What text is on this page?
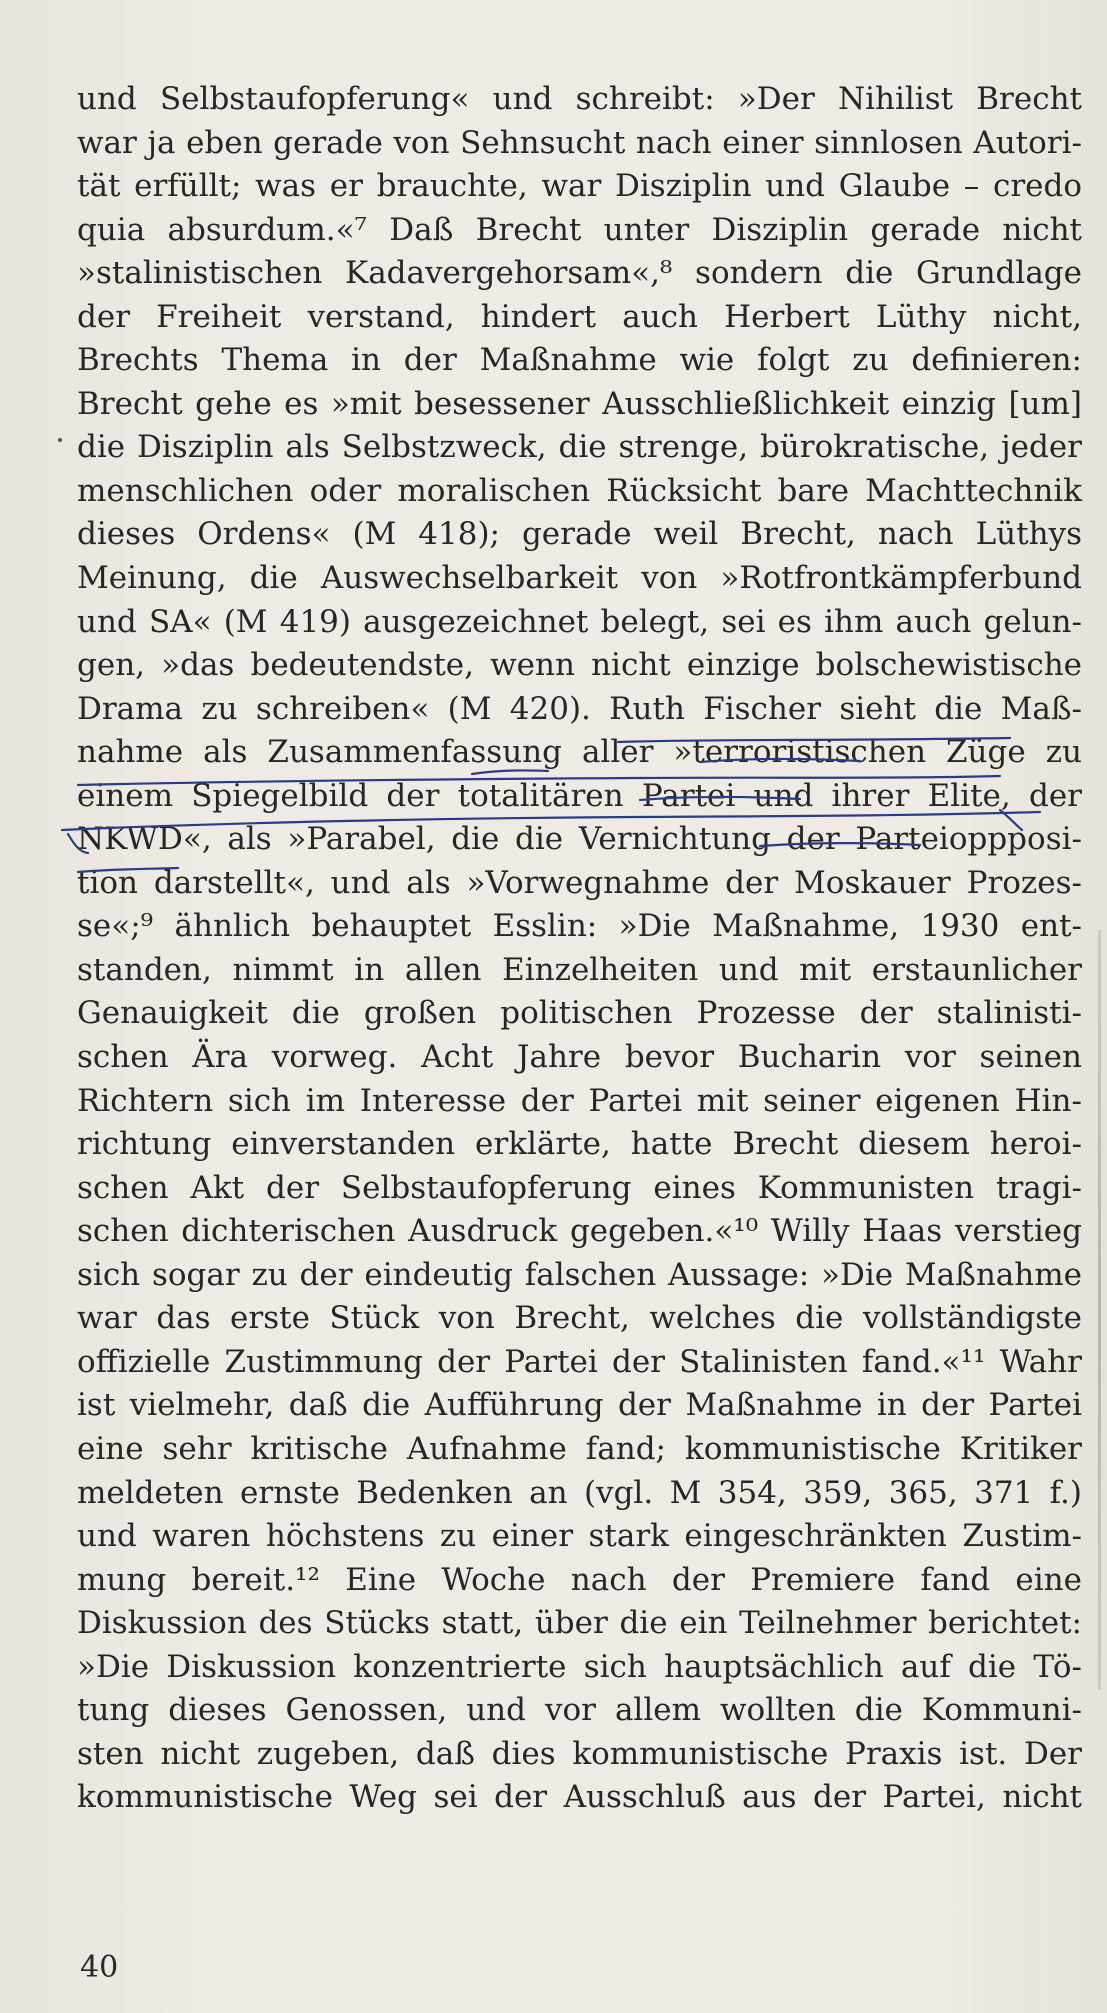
und Selbstaufopferung« und schreibt: »Der Nihilist Brecht
war ja eben gerade von Sehnsucht nach einer sinnlosen Autori-
tät erfüllt; was er brauchte, war Disziplin und Glaube – credo
quia absurdum.«⁷ Daß Brecht unter Disziplin gerade nicht
»stalinistischen Kadavergehorsam«,⁸ sondern die Grundlage
der Freiheit verstand, hindert auch Herbert Lüthy nicht,
Brechts Thema in der Maßnahme wie folgt zu definieren:
Brecht gehe es »mit besessener Ausschließlichkeit einzig [um]
die Disziplin als Selbstzweck, die strenge, bürokratische, jeder
menschlichen oder moralischen Rücksicht bare Machttechnik
dieses Ordens« (M 418); gerade weil Brecht, nach Lüthys
Meinung, die Auswechselbarkeit von »Rotfrontkämpferbund
und SA« (M 419) ausgezeichnet belegt, sei es ihm auch gelun-
gen, »das bedeutendste, wenn nicht einzige bolschewistische
Drama zu schreiben« (M 420). Ruth Fischer sieht die Maß-
nahme als Zusammenfassung aller »terroristischen Züge zu
einem Spiegelbild der totalitären Partei und ihrer Elite, der
NKWD«, als »Parabel, die die Vernichtung der Parteioppposi-
tion darstellt«, und als »Vorwegnahme der Moskauer Prozes-
se«;⁹ ähnlich behauptet Esslin: »Die Maßnahme, 1930 ent-
standen, nimmt in allen Einzelheiten und mit erstaunlicher
Genauigkeit die großen politischen Prozesse der stalinisti-
schen Ära vorweg. Acht Jahre bevor Bucharin vor seinen
Richtern sich im Interesse der Partei mit seiner eigenen Hin-
richtung einverstanden erklärte, hatte Brecht diesem heroi-
schen Akt der Selbstaufopferung eines Kommunisten tragi-
schen dichterischen Ausdruck gegeben.«¹⁰ Willy Haas verstieg
sich sogar zu der eindeutig falschen Aussage: »Die Maßnahme
war das erste Stück von Brecht, welches die vollständigste
offizielle Zustimmung der Partei der Stalinisten fand.«¹¹ Wahr
ist vielmehr, daß die Aufführung der Maßnahme in der Partei
eine sehr kritische Aufnahme fand; kommunistische Kritiker
meldeten ernste Bedenken an (vgl. M 354, 359, 365, 371 f.)
und waren höchstens zu einer stark eingeschränkten Zustim-
mung bereit.¹² Eine Woche nach der Premiere fand eine
Diskussion des Stücks statt, über die ein Teilnehmer berichtet:
»Die Diskussion konzentrierte sich hauptsächlich auf die Tö-
tung dieses Genossen, und vor allem wollten die Kommuni-
sten nicht zugeben, daß dies kommunistische Praxis ist. Der
kommunistische Weg sei der Ausschluß aus der Partei, nicht
40
